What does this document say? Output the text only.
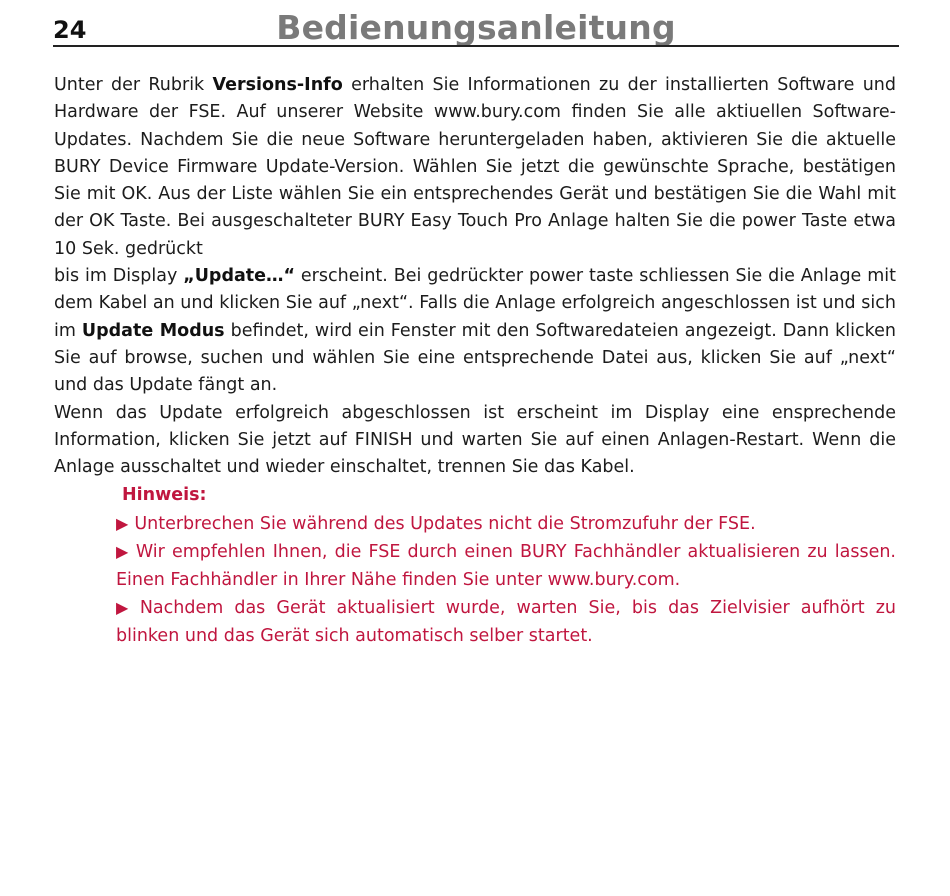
24	Bedienungsanleitung

Unter der Rubrik Versions-Info erhalten Sie Informationen zu der installierten Software und Hardware der FSE. Auf unserer Website www.bury.com finden Sie alle aktiuellen Software-Updates. Nachdem Sie die neue Software heruntergeladen haben, aktivieren Sie die aktuelle BURY Device Firmware Update-Version. Wählen Sie jetzt die gewünschte Sprache, bestätigen Sie mit OK. Aus der Liste wählen Sie ein entsprechendes Gerät und bestätigen Sie die Wahl mit der OK Taste. Bei ausgeschalteter BURY Easy Touch Pro Anlage halten Sie die power Taste etwa 10 Sek. gedrückt
bis im Display „Update…“ erscheint. Bei gedrückter power taste schliessen Sie die Anlage mit dem Kabel an und klicken Sie auf „next“. Falls die Anlage erfolgreich angeschlossen ist und sich im Update Modus befindet, wird ein Fenster mit den Softwaredateien angezeigt. Dann klicken Sie auf browse, suchen und wählen Sie eine entsprechende Datei aus, klicken Sie auf „next“ und das Update fängt an.

Wenn das Update erfolgreich abgeschlossen ist erscheint im Display eine ensprechende Information, klicken Sie jetzt auf FINISH und warten Sie auf einen Anlagen-Restart. Wenn die Anlage ausschaltet und wieder einschaltet, trennen Sie das Kabel.

Hinweis:

▶ Unterbrechen Sie während des Updates nicht die Stromzufuhr der FSE.

▶ Wir empfehlen Ihnen, die FSE durch einen BURY Fachhändler aktualisieren zu lassen. Einen Fachhändler in Ihrer Nähe finden Sie unter www.bury.com.

▶ Nachdem das Gerät aktualisiert wurde, warten Sie, bis das Zielvisier aufhört zu blinken und das Gerät sich automatisch selber startet.
